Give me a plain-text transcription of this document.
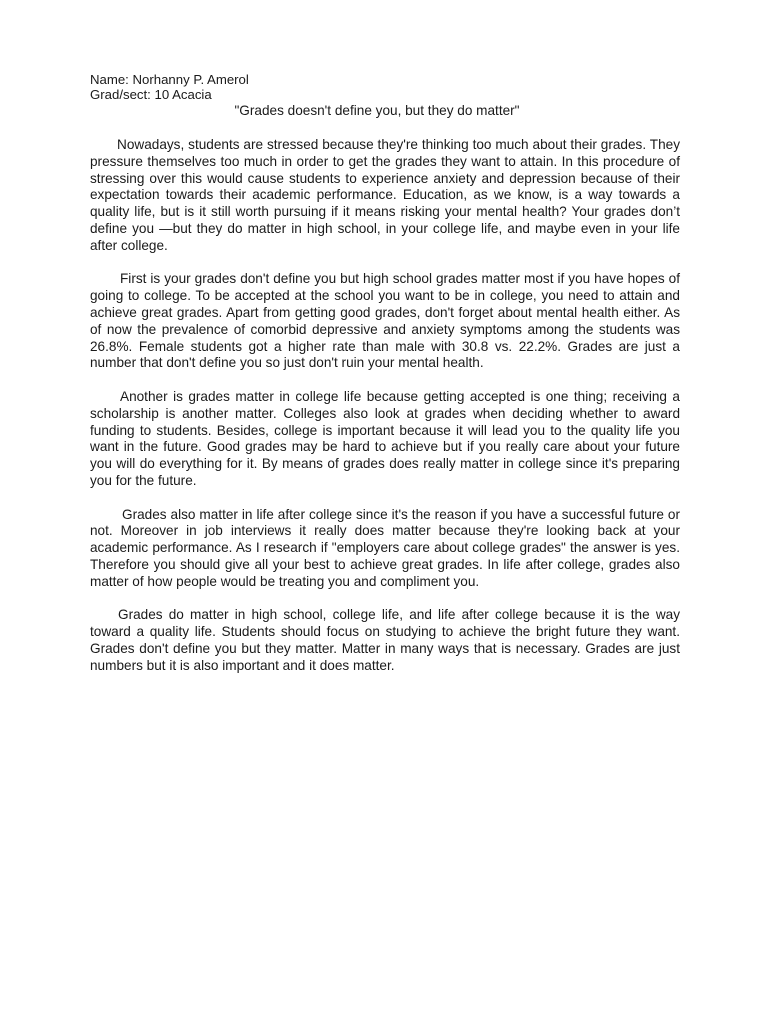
Name: Norhanny P. Amerol

Grad/sect: 10 Acacia

"Grades doesn't define you, but they do matter"

Nowadays, students are stressed because they're thinking too much about their grades. They pressure themselves too much in order to get the grades they want to attain. In this procedure of stressing over this would cause students to experience anxiety and depression because of their expectation towards their academic performance. Education, as we know, is a way towards a quality life, but is it still worth pursuing if it means risking your mental health? Your grades don’t define you —but they do matter in high school, in your college life, and maybe even in your life after college.

First is your grades don't define you but high school grades matter most if you have hopes of going to college. To be accepted at the school you want to be in college, you need to attain and achieve great grades. Apart from getting good grades, don't forget about mental health either. As of now the prevalence of comorbid depressive and anxiety symptoms among the students was 26.8%. Female students got a higher rate than male with 30.8 vs. 22.2%. Grades are just a number that don't define you so just don't ruin your mental health.

Another is grades matter in college life because getting accepted is one thing; receiving a scholarship is another matter. Colleges also look at grades when deciding whether to award funding to students. Besides, college is important because it will lead you to the quality life you want in the future. Good grades may be hard to achieve but if you really care about your future you will do everything for it. By means of grades does really matter in college since it's preparing you for the future.

Grades also matter in life after college since it's the reason if you have a successful future or not. Moreover in job interviews it really does matter because they're looking back at your academic performance. As I research if "employers care about college grades" the answer is yes. Therefore you should give all your best to achieve great grades. In life after college, grades also matter of how people would be treating you and compliment you.

Grades do matter in high school, college life, and life after college because it is the way toward a quality life. Students should focus on studying to achieve the bright future they want. Grades don't define you but they matter. Matter in many ways that is necessary. Grades are just numbers but it is also important and it does matter.
